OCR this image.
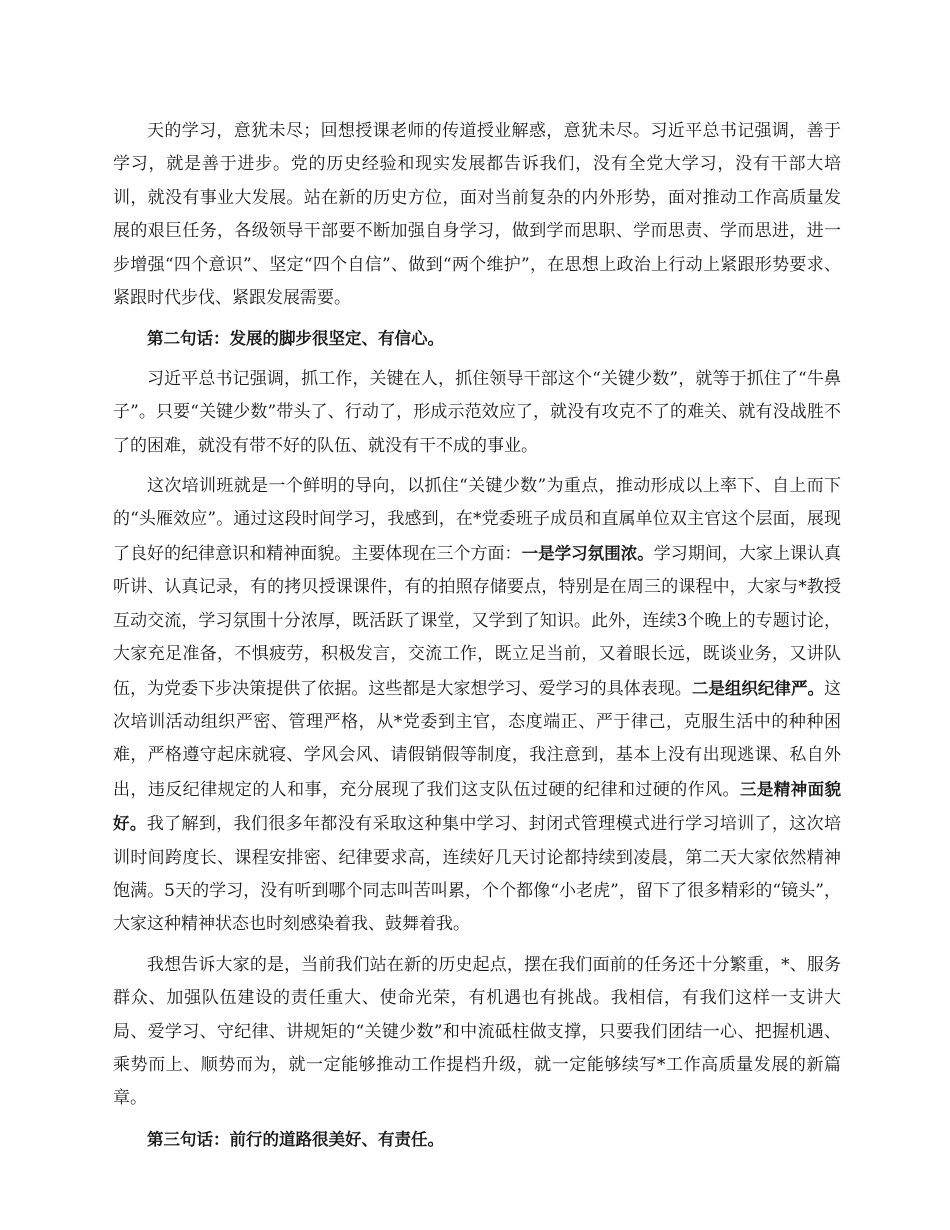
天的学习，意犹未尽；回想授课老师的传道授业解惑，意犹未尽。习近平总书记强调，善于学习，就是善于进步。党的历史经验和现实发展都告诉我们，没有全党大学习，没有干部大培训，就没有事业大发展。站在新的历史方位，面对当前复杂的内外形势，面对推动工作高质量发展的艰巨任务，各级领导干部要不断加强自身学习，做到学而思职、学而思责、学而思进，进一步增强“四个意识”、坚定“四个自信”、做到“两个维护”，在思想上政治上行动上紧跟形势要求、紧跟时代步伐、紧跟发展需要。

第二句话：发展的脚步很坚定、有信心。

习近平总书记强调，抓工作，关键在人，抓住领导干部这个“关键少数”，就等于抓住了“牛鼻子”。只要“关键少数”带头了、行动了，形成示范效应了，就没有攻克不了的难关、就有没战胜不了的困难，就没有带不好的队伍、就没有干不成的事业。

这次培训班就是一个鲜明的导向，以抓住“关键少数”为重点，推动形成以上率下、自上而下的“头雁效应”。通过这段时间学习，我感到，在*党委班子成员和直属单位双主官这个层面，展现了良好的纪律意识和精神面貌。主要体现在三个方面：一是学习氛围浓。学习期间，大家上课认真听讲、认真记录，有的拷贝授课课件，有的拍照存储要点，特别是在周三的课程中，大家与*教授互动交流，学习氛围十分浓厚，既活跃了课堂，又学到了知识。此外，连续3个晚上的专题讨论，大家充足准备，不惧疲劳，积极发言，交流工作，既立足当前，又着眼长远，既谈业务，又讲队伍，为党委下步决策提供了依据。这些都是大家想学习、爱学习的具体表现。二是组织纪律严。这次培训活动组织严密、管理严格，从*党委到主官，态度端正、严于律己，克服生活中的种种困难，严格遵守起床就寝、学风会风、请假销假等制度，我注意到，基本上没有出现逃课、私自外出，违反纪律规定的人和事，充分展现了我们这支队伍过硬的纪律和过硬的作风。三是精神面貌好。我了解到，我们很多年都没有采取这种集中学习、封闭式管理模式进行学习培训了，这次培训时间跨度长、课程安排密、纪律要求高，连续好几天讨论都持续到凌晨，第二天大家依然精神饱满。5天的学习，没有听到哪个同志叫苦叫累，个个都像“小老虎”，留下了很多精彩的“镜头”，大家这种精神状态也时刻感染着我、鼓舞着我。

我想告诉大家的是，当前我们站在新的历史起点，摆在我们面前的任务还十分繁重，*、服务群众、加强队伍建设的责任重大、使命光荣，有机遇也有挑战。我相信，有我们这样一支讲大局、爱学习、守纪律、讲规矩的“关键少数”和中流砥柱做支撑，只要我们团结一心、把握机遇、乘势而上、顺势而为，就一定能够推动工作提档升级，就一定能够续写*工作高质量发展的新篇章。

第三句话：前行的道路很美好、有责任。
